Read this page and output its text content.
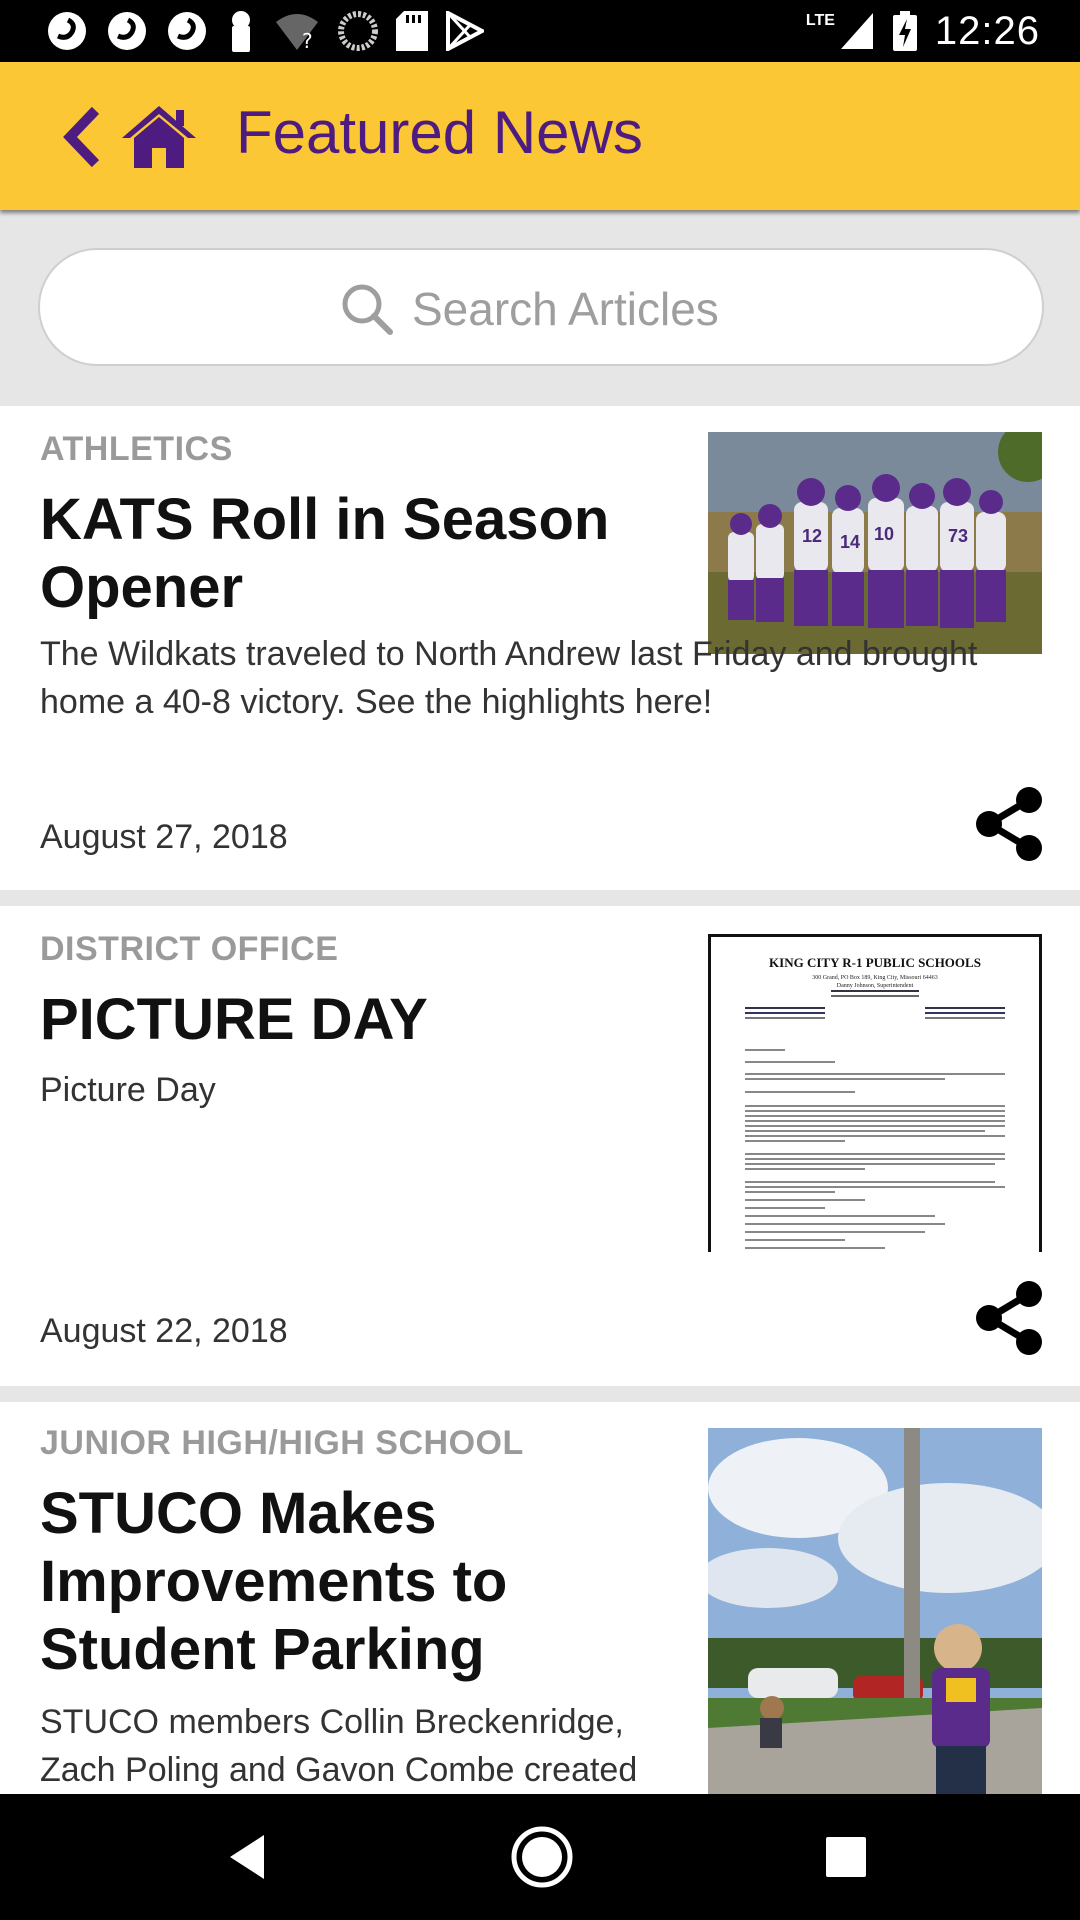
?
LTE	12:26
Featured News
Search Articles
ATHLETICS
KATS Roll in Season Opener
12 14 10	73
The Wildkats traveled to North Andrew last Friday and brought home a 40-8 victory. See the highlights here!
August 27, 2018
DISTRICT OFFICE
PICTURE DAY
Picture Day
KING CITY R-1 PUBLIC SCHOOLS
300 Grand, PO Box 189, King City, Missouri 64463
Danny Johnson, Superintendent
August 22, 2018
JUNIOR HIGH/HIGH SCHOOL
STUCO Makes Improvements to Student Parking
STUCO members Collin Breckenridge, Zach Poling and Gavon Combe created
